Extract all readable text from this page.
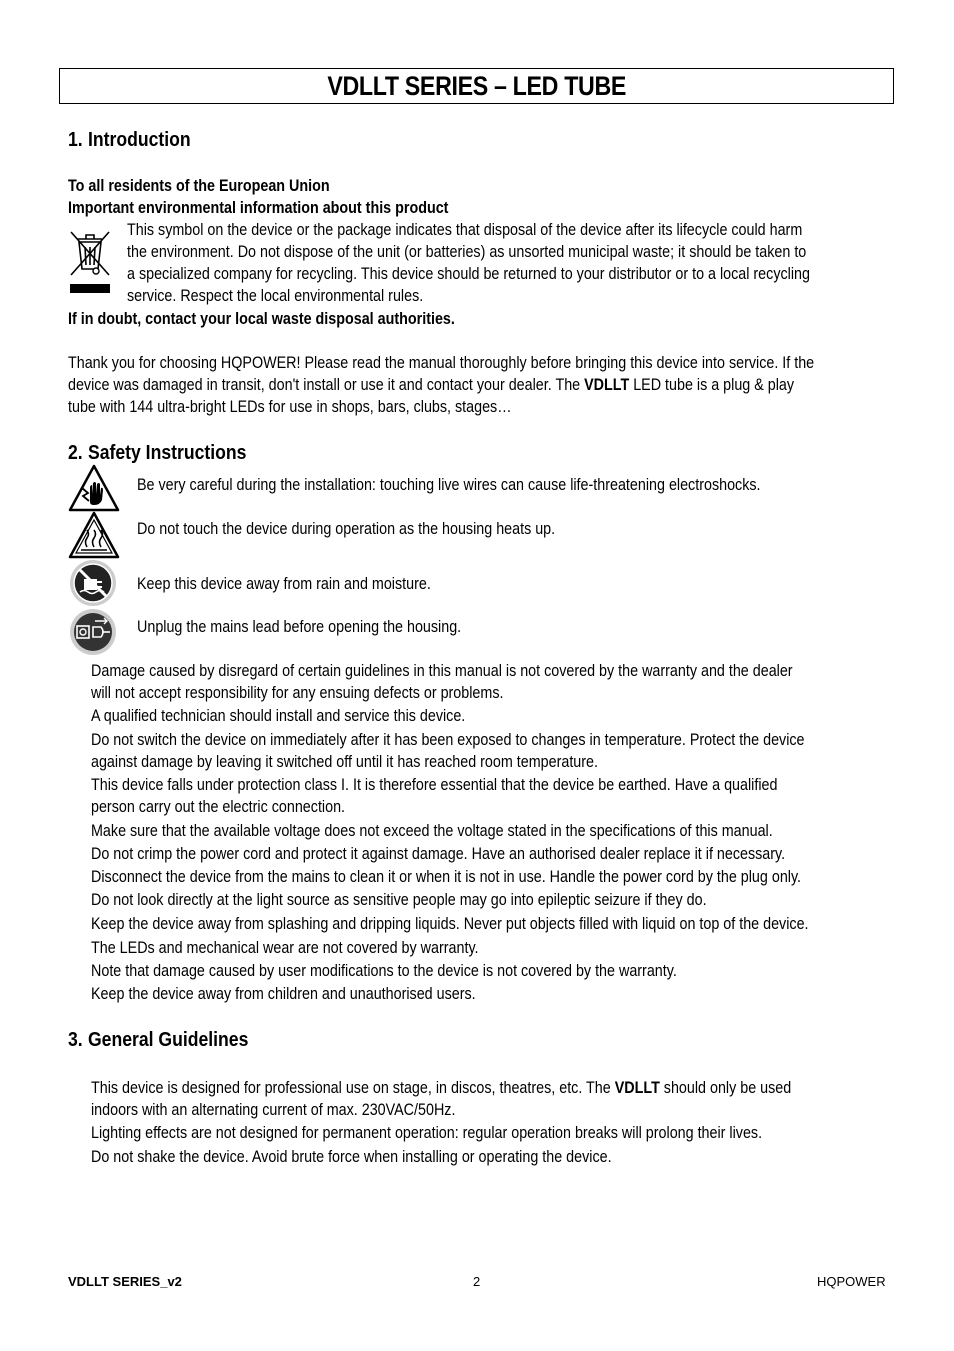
VDLLT SERIES – LED TUBE
1. Introduction
To all residents of the European Union
Important environmental information about this product
This symbol on the device or the package indicates that disposal of the device after its lifecycle could harm
the environment. Do not dispose of the unit (or batteries) as unsorted municipal waste; it should be taken to
a specialized company for recycling. This device should be returned to your distributor or to a local recycling
service. Respect the local environmental rules.
If in doubt, contact your local waste disposal authorities.
Thank you for choosing HQPOWER! Please read the manual thoroughly before bringing this device into service. If the
device was damaged in transit, don't install or use it and contact your dealer. The VDLLT LED tube is a plug & play
tube with 144 ultra-bright LEDs for use in shops, bars, clubs, stages…
2. Safety Instructions
Be very careful during the installation: touching live wires can cause life-threatening electroshocks.
Do not touch the device during operation as the housing heats up.
Keep this device away from rain and moisture.
Unplug the mains lead before opening the housing.
Damage caused by disregard of certain guidelines in this manual is not covered by the warranty and the dealer
will not accept responsibility for any ensuing defects or problems.
A qualified technician should install and service this device.
Do not switch the device on immediately after it has been exposed to changes in temperature. Protect the device
against damage by leaving it switched off until it has reached room temperature.
This device falls under protection class I. It is therefore essential that the device be earthed. Have a qualified
person carry out the electric connection.
Make sure that the available voltage does not exceed the voltage stated in the specifications of this manual.
Do not crimp the power cord and protect it against damage. Have an authorised dealer replace it if necessary.
Disconnect the device from the mains to clean it or when it is not in use. Handle the power cord by the plug only.
Do not look directly at the light source as sensitive people may go into epileptic seizure if they do.
Keep the device away from splashing and dripping liquids. Never put objects filled with liquid on top of the device.
The LEDs and mechanical wear are not covered by warranty.
Note that damage caused by user modifications to the device is not covered by the warranty.
Keep the device away from children and unauthorised users.
3. General Guidelines
This device is designed for professional use on stage, in discos, theatres, etc. The VDLLT should only be used
indoors with an alternating current of max. 230VAC/50Hz.
Lighting effects are not designed for permanent operation: regular operation breaks will prolong their lives.
Do not shake the device. Avoid brute force when installing or operating the device.
VDLLT SERIES_v2	2	HQPOWER
